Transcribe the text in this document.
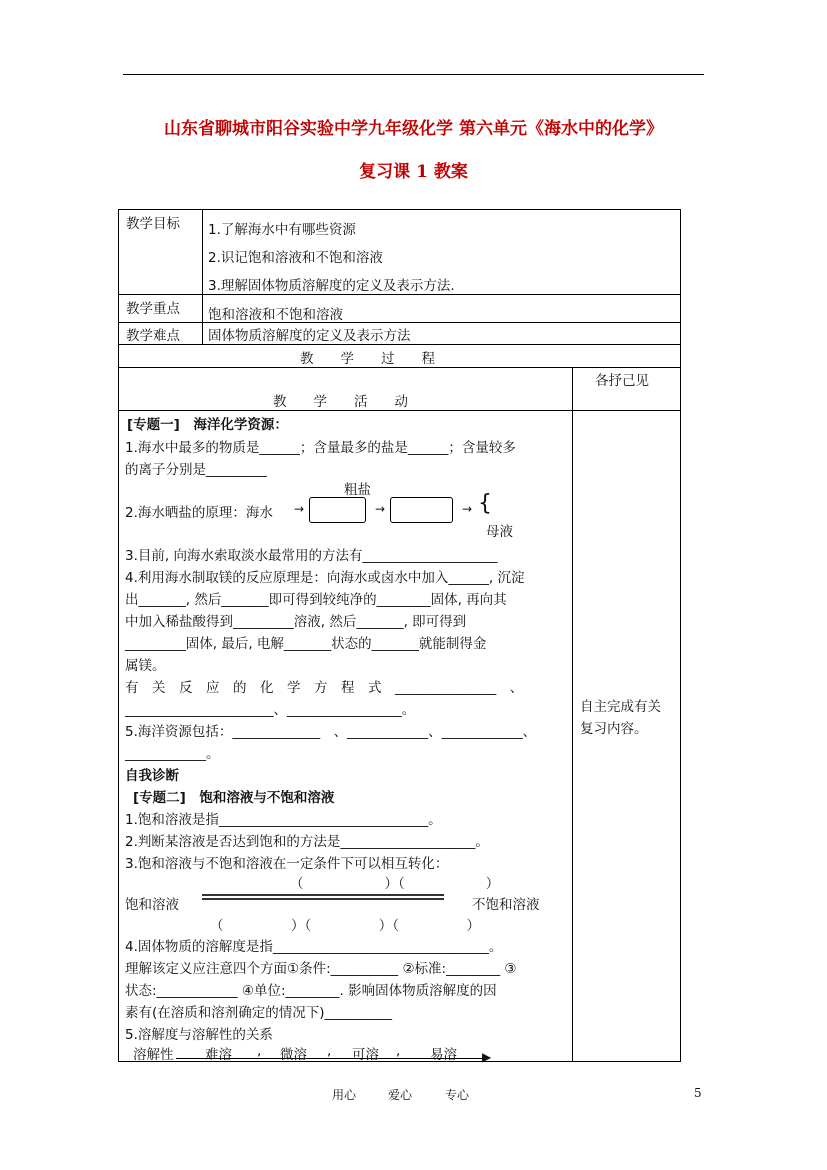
山东省聊城市阳谷实验中学九年级化学 第六单元《海水中的化学》
复习课 1 教案
教学目标 1.了解海水中有哪些资源
2.识记饱和溶液和不饱和溶液
3.理解固体物质溶解度的定义及表示方法.
教学重点 饱和溶液和不饱和溶液
教学难点 固体物质溶解度的定义及表示方法
教　　学　　过　　程
教　　学　　活　　动
各抒己见
自主完成有关
复习内容。
[专题一]　海洋化学资源：
1.海水中最多的物质是______；含量最多的盐是______；含量较多
的离子分别是_________
粗盐
2.海水晒盐的原理：海水 →	→	→ {
母液
3.目前, 向海水索取淡水最常用的方法有____________________
4.利用海水制取镁的反应原理是：向海水或卤水中加入______, 沉淀
出_______, 然后_______即可得到较纯净的________固体, 再向其
中加入稀盐酸得到_________溶液, 然后_______, 即可得到
_________固体, 最后, 电解_______状态的_______就能制得金
属镁。
有　关　反　应　的　化　学　方　程　式　_______________　、
______________________、_________________。
5.海洋资源包括：_____________　、____________、____________、
____________。
自我诊断
[专题二]　饱和溶液与不饱和溶液
1.饱和溶液是指_______________________________。
2.判断某溶液是否达到饱和的方法是____________________。
3.饱和溶液与不饱和溶液在一定条件下可以相互转化：
（　　　　　　）（　　　　　　）
饱和溶液	不饱和溶液
（　　　　　）（　　　　　）（　　　　　）
4.固体物质的溶解度是指________________________________。
理解该定义应注意四个方面①条件:__________ ②标准:________ ③
状态:____________ ④单位:________. 影响固体物质溶解度的因
素有(在溶质和溶剂确定的情况下)__________
5.溶解度与溶解性的关系
溶解性	▶
难溶 , 微溶 , 可溶 , 易溶
用心	爱心	专心	5
